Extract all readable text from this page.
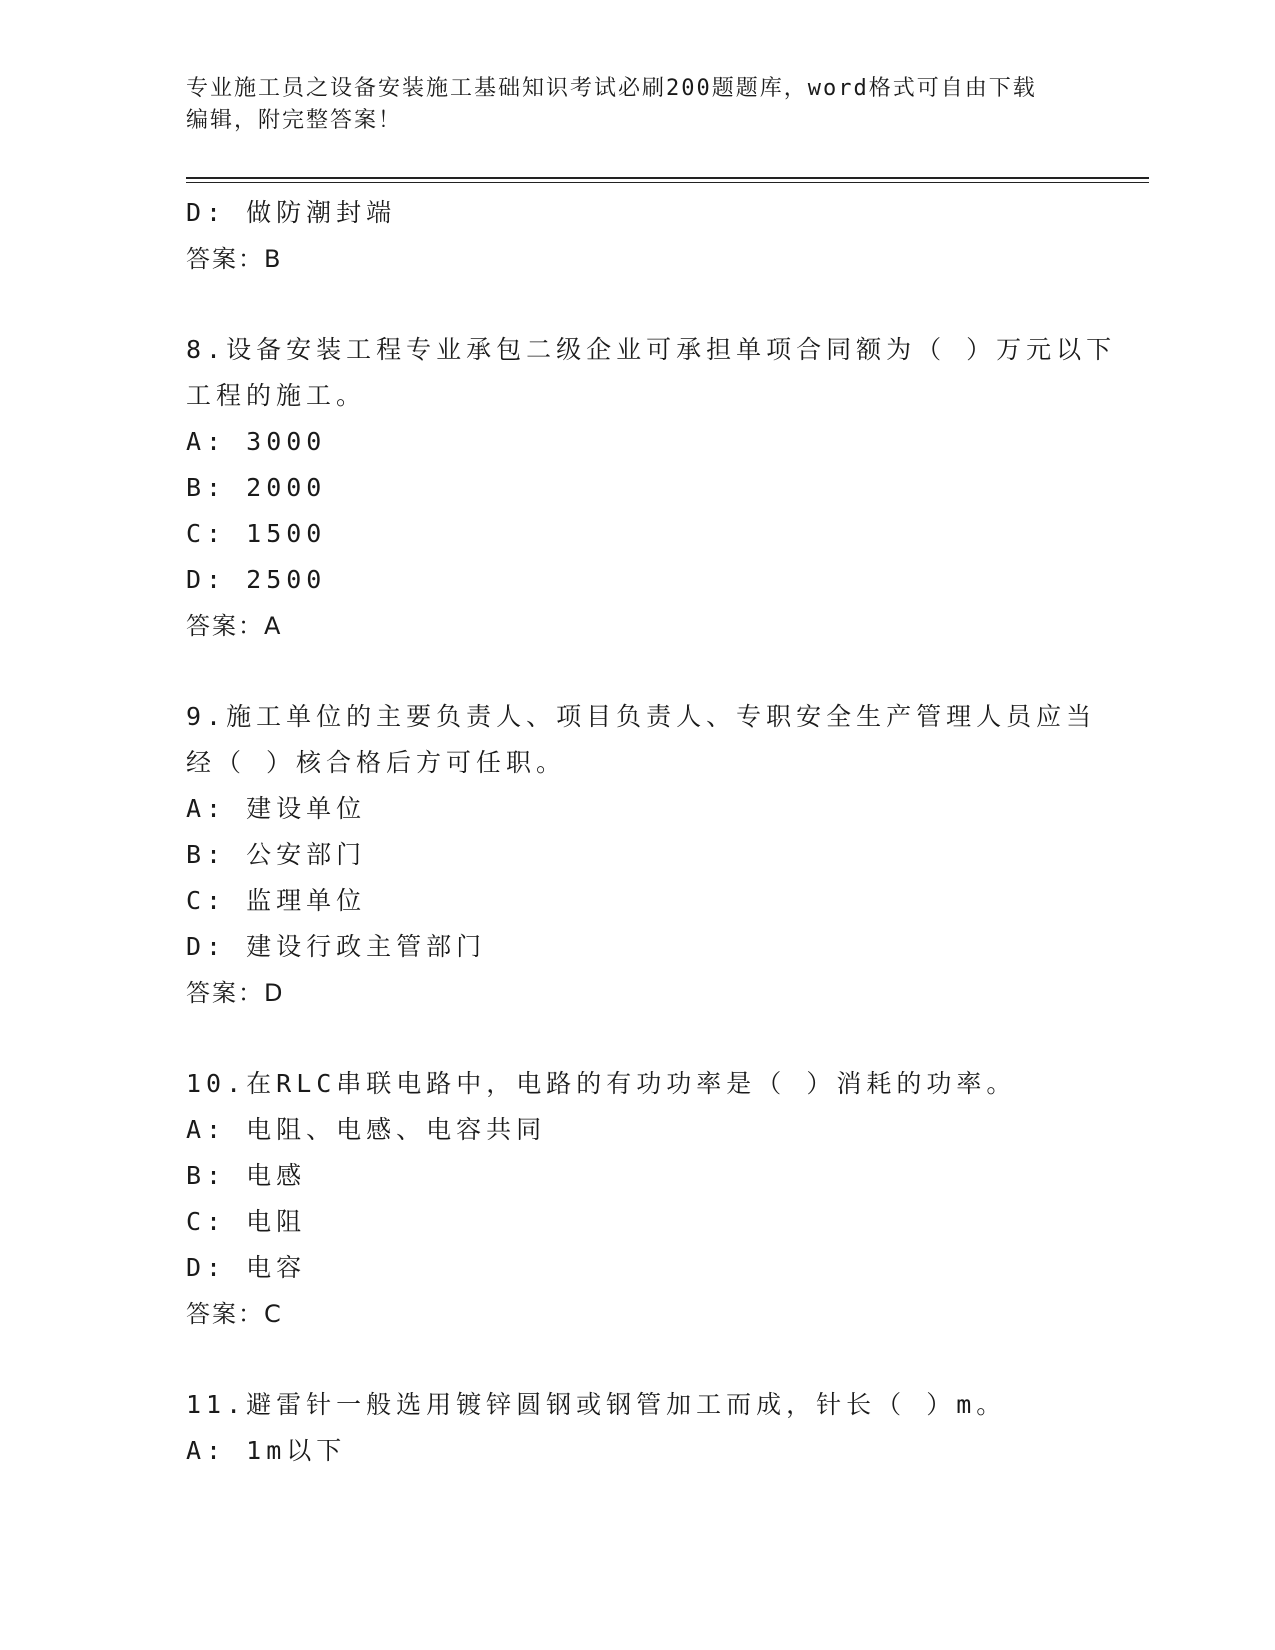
专业施工员之设备安装施工基础知识考试必刷200题题库，word格式可自由下载
编辑，附完整答案！
D: 做防潮封端
答案：B
8.设备安装工程专业承包二级企业可承担单项合同额为（ ）万元以下
工程的施工。
A: 3000
B: 2000
C: 1500
D: 2500
答案：A
9.施工单位的主要负责人、项目负责人、专职安全生产管理人员应当
经（ ）核合格后方可任职。
A: 建设单位
B: 公安部门
C: 监理单位
D: 建设行政主管部门
答案：D
10.在RLC串联电路中，电路的有功功率是（ ）消耗的功率。
A: 电阻、电感、电容共同
B: 电感
C: 电阻
D: 电容
答案：C
11.避雷针一般选用镀锌圆钢或钢管加工而成，针长（ ）m。
A: 1m以下
